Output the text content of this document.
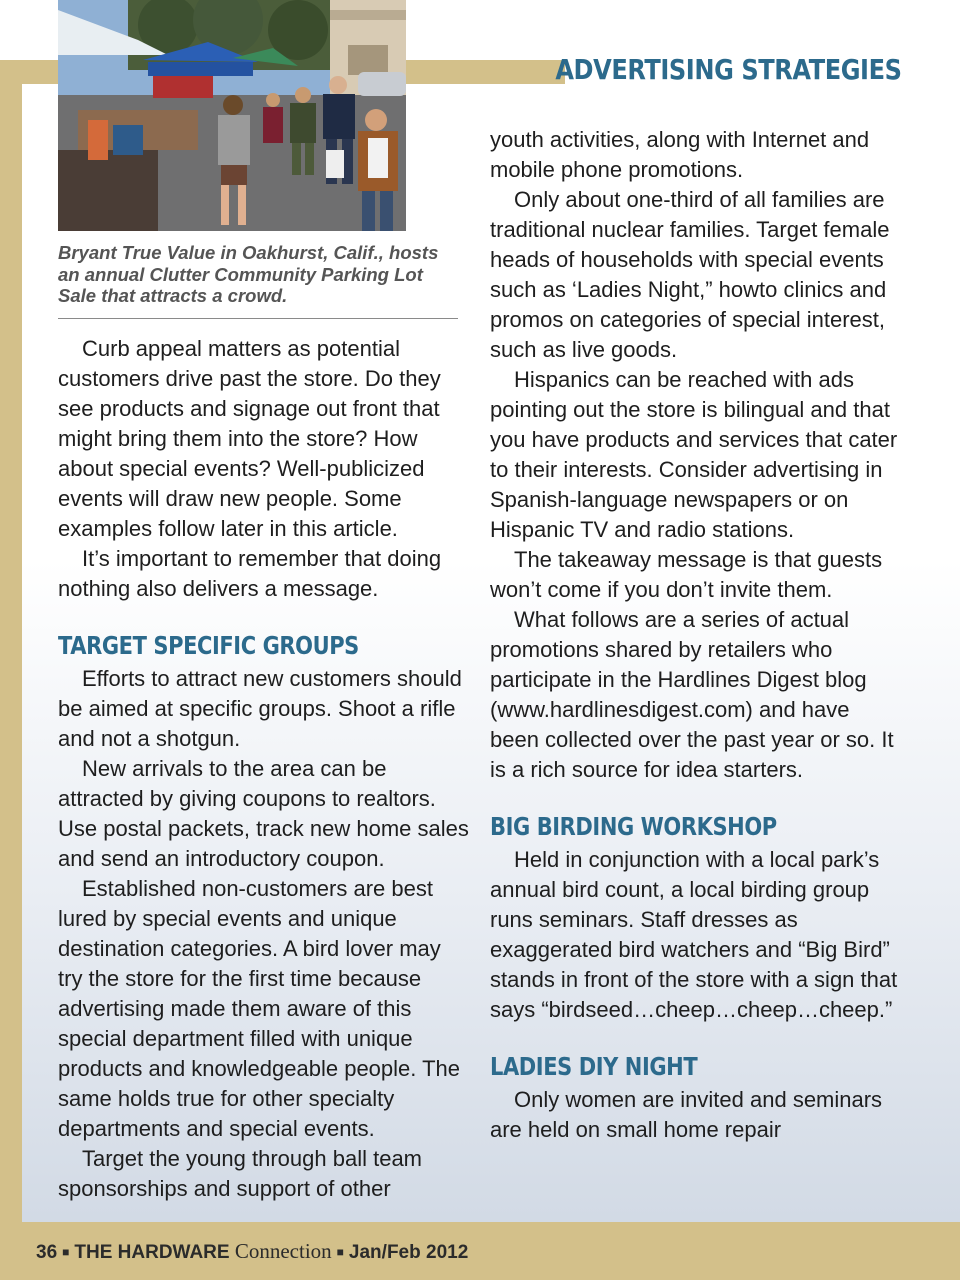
ADVERTISING STRATEGIES
Bryant True Value in Oakhurst, Calif., hosts an annual Clutter Community Parking Lot Sale that attracts a crowd.

Curb appeal matters as potential customers drive past the store. Do they see products and signage out front that might bring them into the store? How about special events? Well-publicized events will draw new people. Some examples follow later in this article.

It’s important to remember that doing nothing also delivers a message.

TARGET SPECIFIC GROUPS

Efforts to attract new customers should be aimed at specific groups. Shoot a rifle and not a shotgun.

New arrivals to the area can be attracted by giving coupons to realtors. Use postal packets, track new home sales and send an introductory coupon.

Established non-customers are best lured by special events and unique destination categories. A bird lover may try the store for the first time because advertising made them aware of this special department filled with unique products and knowledgeable people. The same holds true for other specialty departments and special events.

Target the young through ball team sponsorships and support of other

youth activities, along with Internet and mobile phone promotions.

Only about one-third of all families are traditional nuclear families. Target female heads of households with special events such as ‘Ladies Night,” howto clinics and promos on categories of special interest, such as live goods.

Hispanics can be reached with ads pointing out the store is bilingual and that you have products and services that cater to their interests. Consider advertising in Spanish-language newspapers or on Hispanic TV and radio stations.

The takeaway message is that guests won’t come if you don’t invite them.

What follows are a series of actual promotions shared by retailers who participate in the Hardlines Digest blog (www.hardlinesdigest.com) and have been collected over the past year or so. It is a rich source for idea starters.

BIG BIRDING WORKSHOP

Held in conjunction with a local park’s annual bird count, a local birding group runs seminars. Staff dresses as exaggerated bird watchers and “Big Bird” stands in front of the store with a sign that says “birdseed…cheep…cheep…cheep.”

LADIES DIY NIGHT

Only women are invited and seminars are held on small home repair

36 ■ THE HARDWARE Connection ■ Jan/Feb 2012
